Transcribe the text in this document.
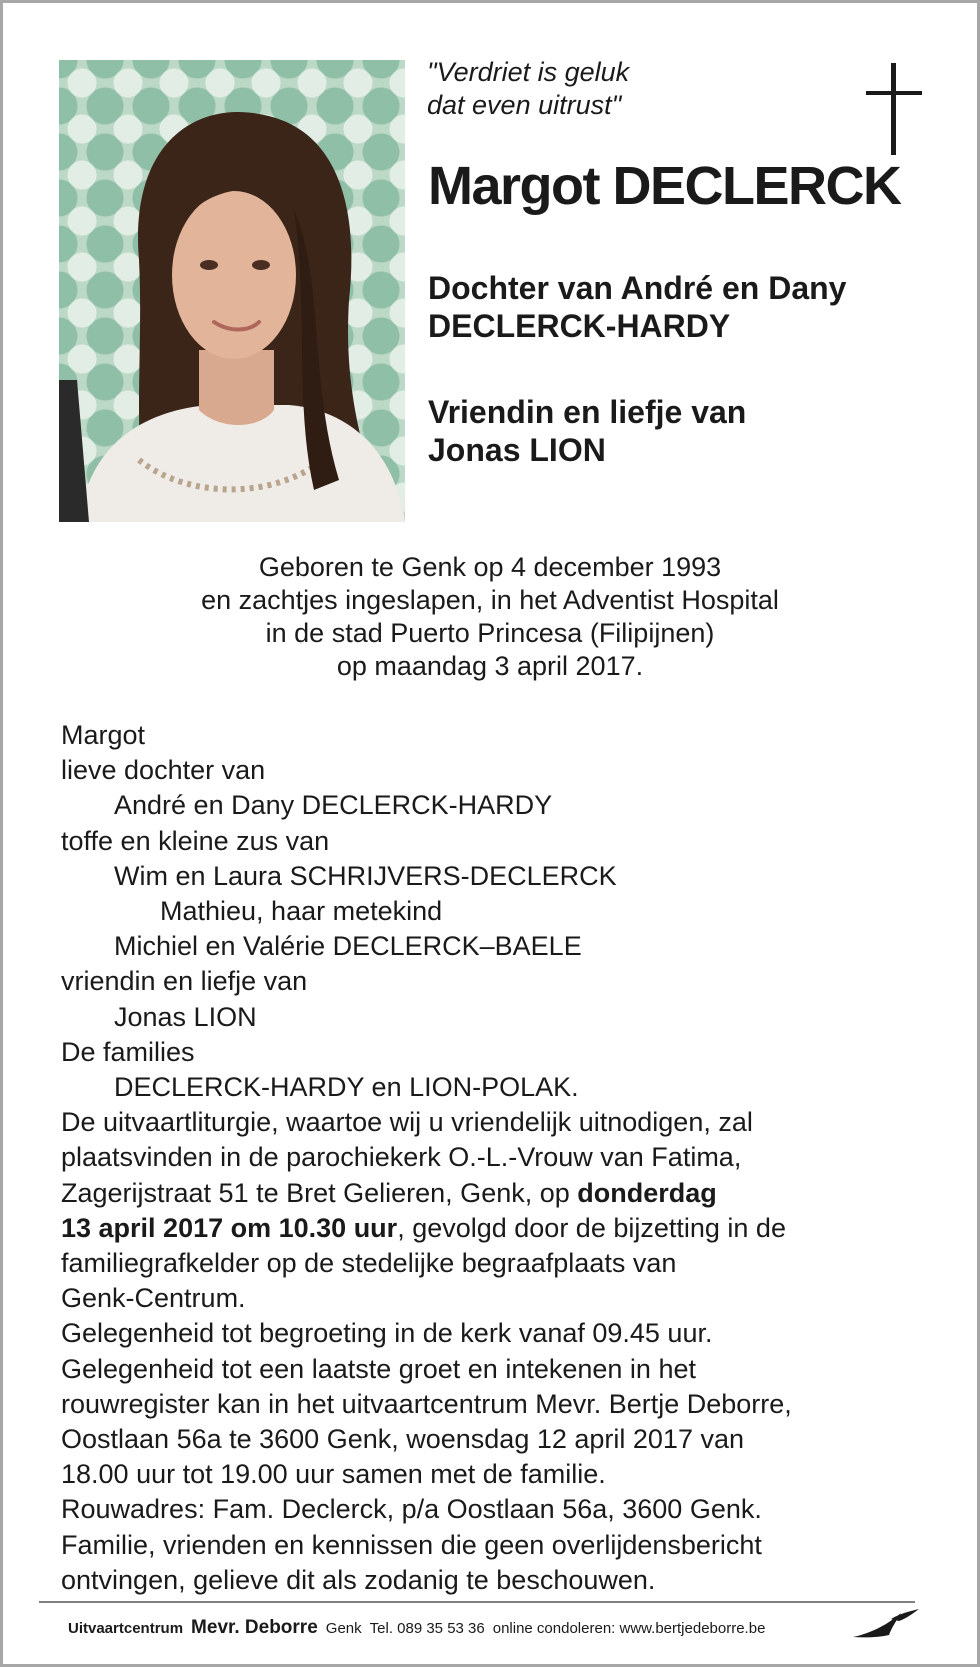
"Verdriet is geluk
dat even uitrust"

Margot DECLERCK

Dochter van André en Dany
DECLERCK-HARDY

Vriendin en liefje van
Jonas LION

Geboren te Genk op 4 december 1993
en zachtjes ingeslapen, in het Adventist Hospital
in de stad Puerto Princesa (Filipijnen)
op maandag 3 april 2017.
Margot
lieve dochter van
André en Dany DECLERCK-HARDY
toffe en kleine zus van
Wim en Laura SCHRIJVERS-DECLERCK
Mathieu, haar metekind
Michiel en Valérie DECLERCK–BAELE
vriendin en liefje van
Jonas LION
De families
DECLERCK-HARDY en LION-POLAK.
De uitvaartliturgie, waartoe wij u vriendelijk uitnodigen, zal
plaatsvinden in de parochiekerk O.-L.-Vrouw van Fatima,
Zagerijstraat 51 te Bret Gelieren, Genk, op donderdag
13 april 2017 om 10.30 uur, gevolgd door de bijzetting in de
familiegrafkelder op de stedelijke begraafplaats van
Genk-Centrum.
Gelegenheid tot begroeting in de kerk vanaf 09.45 uur.
Gelegenheid tot een laatste groet en intekenen in het
rouwregister kan in het uitvaartcentrum Mevr. Bertje Deborre,
Oostlaan 56a te 3600 Genk, woensdag 12 april 2017 van
18.00 uur tot 19.00 uur samen met de familie.
Rouwadres: Fam. Declerck, p/a Oostlaan 56a, 3600 Genk.
Familie, vrienden en kennissen die geen overlijdensbericht
ontvingen, gelieve dit als zodanig te beschouwen.
Uitvaartcentrum Mevr. Deborre Genk Tel. 089 35 53 36 online condoleren: www.bertjedeborre.be
